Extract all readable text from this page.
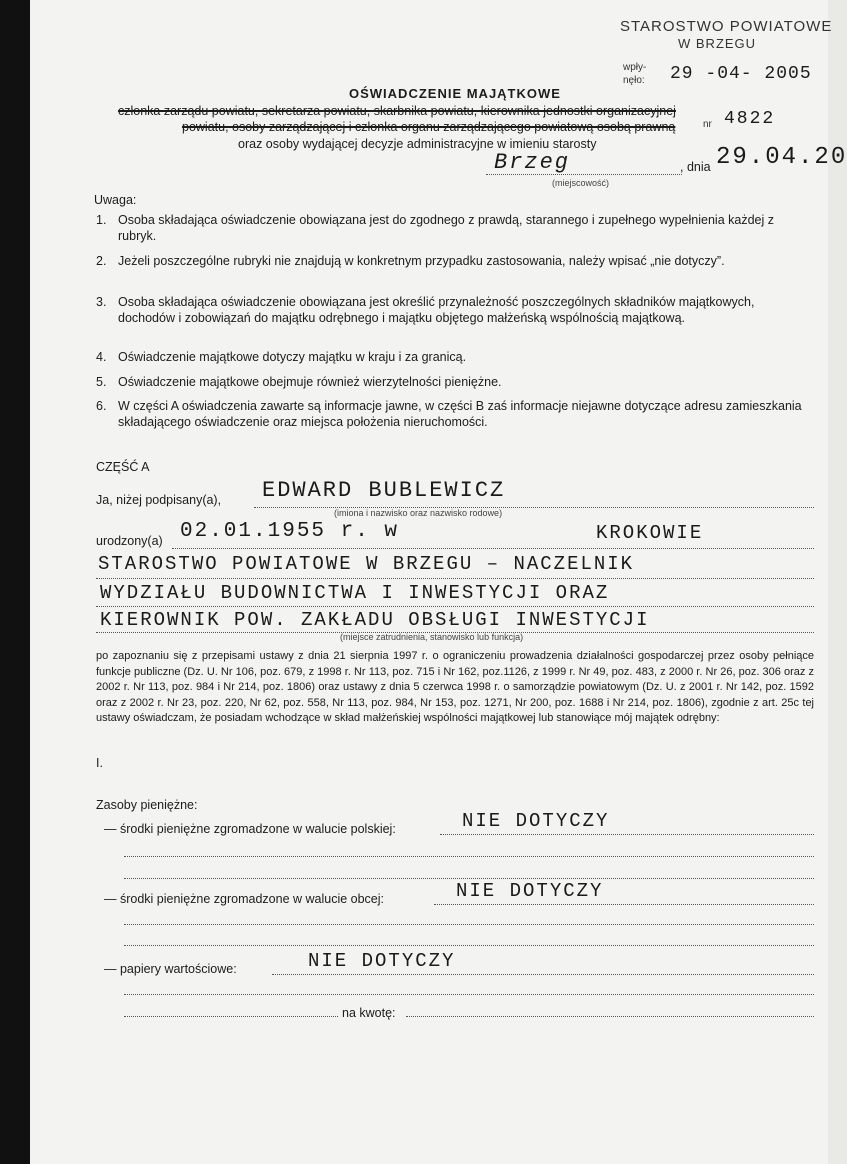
STAROSTWO POWIATOWE
W BRZEGU
wpły-
nęło: 29 -04- 2005
nr 4822
OŚWIADCZENIE MAJĄTKOWE
członka zarządu powiatu, sekretarza powiatu, skarbnika powiatu, kierownika jednostki organizacyjnej
powiatu, osoby zarządzającej i członka organu zarządzającego powiatową osobą prawną
oraz osoby wydającej decyzje administracyjne w imieniu starosty
Brzeg	, dnia 29.04.20
(miejscowość)
Uwaga:
1. Osoba składająca oświadczenie obowiązana jest do zgodnego z prawdą, starannego i zupełnego wypełnienia każdej z rubryk.
2. Jeżeli poszczególne rubryki nie znajdują w konkretnym przypadku zastosowania, należy wpisać „nie dotyczy”.
3. Osoba składająca oświadczenie obowiązana jest określić przynależność poszczególnych składników majątkowych, dochodów i zobowiązań do majątku odrębnego i majątku objętego małżeńską wspólnością majątkową.
4. Oświadczenie majątkowe dotyczy majątku w kraju i za granicą.
5. Oświadczenie majątkowe obejmuje również wierzytelności pieniężne.
6. W części A oświadczenia zawarte są informacje jawne, w części B zaś informacje niejawne dotyczące adresu zamieszkania składającego oświadczenie oraz miejsca położenia nieruchomości.
CZĘŚĆ A
Ja, niżej podpisany(a), EDWARD BUBLEWICZ
(imiona i nazwisko oraz nazwisko rodowe)
urodzony(a) 02.01.1955 r. w	KROKOWIE
STAROSTWO POWIATOWE W BRZEGU – NACZELNIK
WYDZIAŁU BUDOWNICTWA I INWESTYCJI ORAZ
KIEROWNIK POW. ZAKŁADU OBSŁUGI INWESTYCJI
(miejsce zatrudnienia, stanowisko lub funkcja)
po zapoznaniu się z przepisami ustawy z dnia 21 sierpnia 1997 r. o ograniczeniu prowadzenia działalności gospodarczej przez osoby pełniące funkcje publiczne (Dz. U. Nr 106, poz. 679, z 1998 r. Nr 113, poz. 715 i Nr 162, poz.1126, z 1999 r. Nr 49, poz. 483, z 2000 r. Nr 26, poz. 306 oraz z 2002 r. Nr 113, poz. 984 i Nr 214, poz. 1806) oraz ustawy z dnia 5 czerwca 1998 r. o samorządzie powiatowym (Dz. U. z 2001 r. Nr 142, poz. 1592 oraz z 2002 r. Nr 23, poz. 220, Nr 62, poz. 558, Nr 113, poz. 984, Nr 153, poz. 1271, Nr 200, poz. 1688 i Nr 214, poz. 1806), zgodnie z art. 25c tej ustawy oświadczam, że posiadam wchodzące w skład małżeńskiej wspólności majątkowej lub stanowiące mój majątek odrębny:
I.
Zasoby pieniężne:
— środki pieniężne zgromadzone w walucie polskiej:	NIE DOTYCZY
— środki pieniężne zgromadzone w walucie obcej:	NIE DOTYCZY
— papiery wartościowe:	NIE DOTYCZY
na kwotę:
